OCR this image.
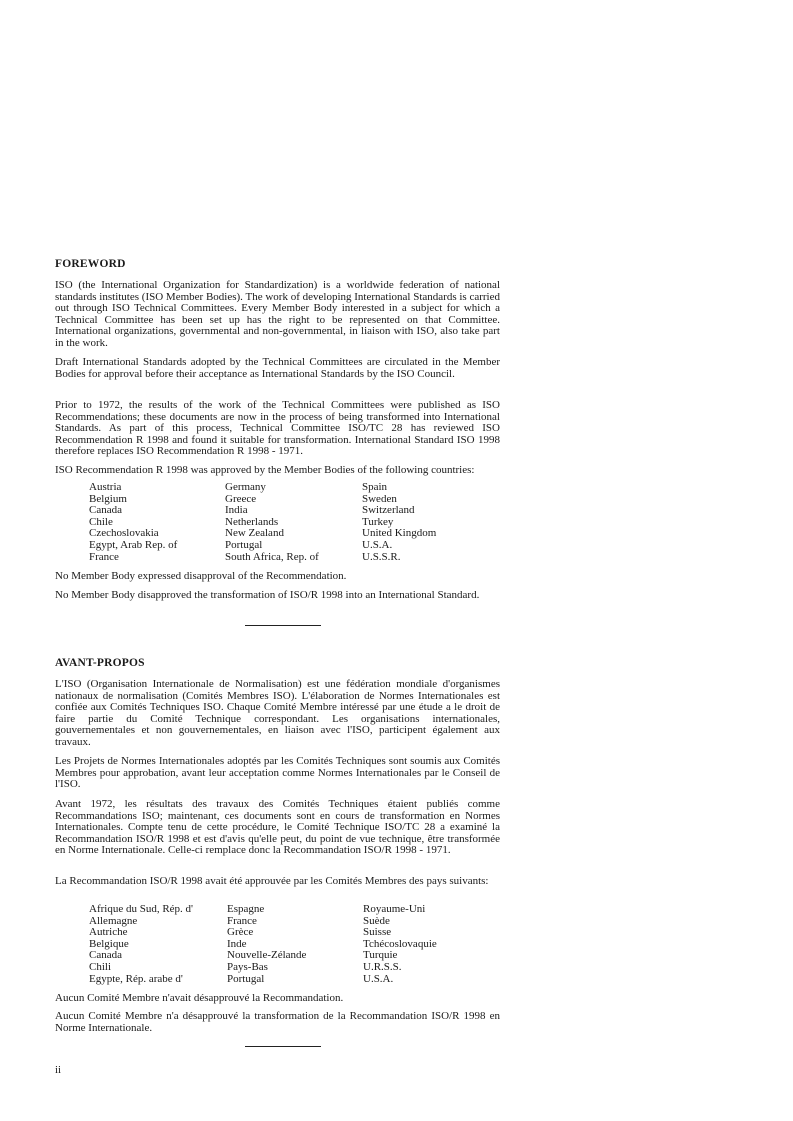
FOREWORD

ISO (the International Organization for Standardization) is a worldwide federation of national standards institutes (ISO Member Bodies). The work of developing International Standards is carried out through ISO Technical Committees. Every Member Body interested in a subject for which a Technical Committee has been set up has the right to be represented on that Committee. International organizations, governmental and non-governmental, in liaison with ISO, also take part in the work.

Draft International Standards adopted by the Technical Committees are circulated in the Member Bodies for approval before their acceptance as International Standards by the ISO Council.

Prior to 1972, the results of the work of the Technical Committees were published as ISO Recommendations; these documents are now in the process of being transformed into International Standards. As part of this process, Technical Committee ISO/TC 28 has reviewed ISO Recommendation R 1998 and found it suitable for transformation. International Standard ISO 1998 therefore replaces ISO Recommendation R 1998 - 1971.

ISO Recommendation R 1998 was approved by the Member Bodies of the following countries:

Austria
Belgium
Canada
Chile
Czechoslovakia
Egypt, Arab Rep. of
France
Germany
Greece
India
Netherlands
New Zealand
Portugal
South Africa, Rep. of
Spain
Sweden
Switzerland
Turkey
United Kingdom
U.S.A.
U.S.S.R.

No Member Body expressed disapproval of the Recommendation.

No Member Body disapproved the transformation of ISO/R 1998 into an International Standard.

AVANT-PROPOS

L'ISO (Organisation Internationale de Normalisation) est une fédération mondiale d'organismes nationaux de normalisation (Comités Membres ISO). L'élaboration de Normes Internationales est confiée aux Comités Techniques ISO. Chaque Comité Membre intéressé par une étude a le droit de faire partie du Comité Technique correspondant. Les organisations internationales, gouvernementales et non gouvernementales, en liaison avec l'ISO, participent également aux travaux.

Les Projets de Normes Internationales adoptés par les Comités Techniques sont soumis aux Comités Membres pour approbation, avant leur acceptation comme Normes Internationales par le Conseil de l'ISO.

Avant 1972, les résultats des travaux des Comités Techniques étaient publiés comme Recommandations ISO; maintenant, ces documents sont en cours de transformation en Normes Internationales. Compte tenu de cette procédure, le Comité Technique ISO/TC 28 a examiné la Recommandation ISO/R 1998 et est d'avis qu'elle peut, du point de vue technique, être transformée en Norme Internationale. Celle-ci remplace donc la Recommandation ISO/R 1998 - 1971.

La Recommandation ISO/R 1998 avait été approuvée par les Comités Membres des pays suivants:

Afrique du Sud, Rép. d'
Allemagne
Autriche
Belgique
Canada
Chili
Egypte, Rép. arabe d'
Espagne
France
Grèce
Inde
Nouvelle-Zélande
Pays-Bas
Portugal
Royaume-Uni
Suède
Suisse
Tchécoslovaquie
Turquie
U.R.S.S.
U.S.A.

Aucun Comité Membre n'avait désapprouvé la Recommandation.

Aucun Comité Membre n'a désapprouvé la transformation de la Recommandation ISO/R 1998 en Norme Internationale.

ii
